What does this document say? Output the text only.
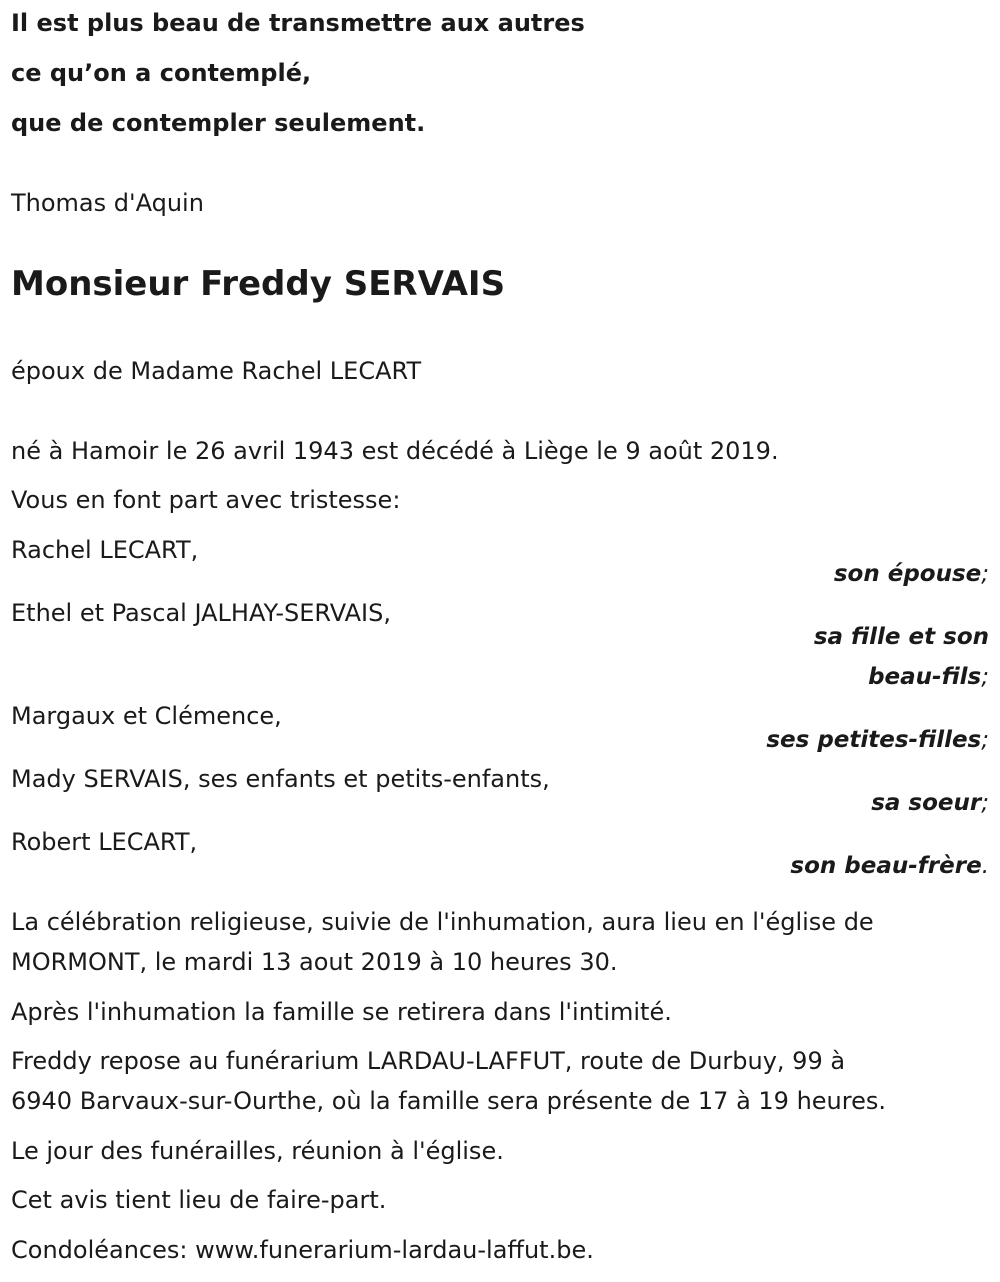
Il est plus beau de transmettre aux autres
ce qu’on a contemplé,
que de contempler seulement.
Thomas d'Aquin
Monsieur Freddy SERVAIS
époux de Madame Rachel LECART
né à Hamoir le 26 avril 1943 est décédé à Liège le 9 août 2019.
Vous en font part avec tristesse:
Rachel LECART,
son épouse;
Ethel et Pascal JALHAY-SERVAIS,
sa fille et son
beau-fils;
Margaux et Clémence,
ses petites-filles;
Mady SERVAIS, ses enfants et petits-enfants,
sa soeur;
Robert LECART,
son beau-frère.
La célébration religieuse, suivie de l'inhumation, aura lieu en l'église de
MORMONT, le mardi 13 aout 2019 à 10 heures 30.
Après l'inhumation la famille se retirera dans l'intimité.
Freddy repose au funérarium LARDAU-LAFFUT, route de Durbuy, 99 à
6940 Barvaux-sur-Ourthe, où la famille sera présente de 17 à 19 heures.
Le jour des funérailles, réunion à l'église.
Cet avis tient lieu de faire-part.
Condoléances: www.funerarium-lardau-laffut.be.
